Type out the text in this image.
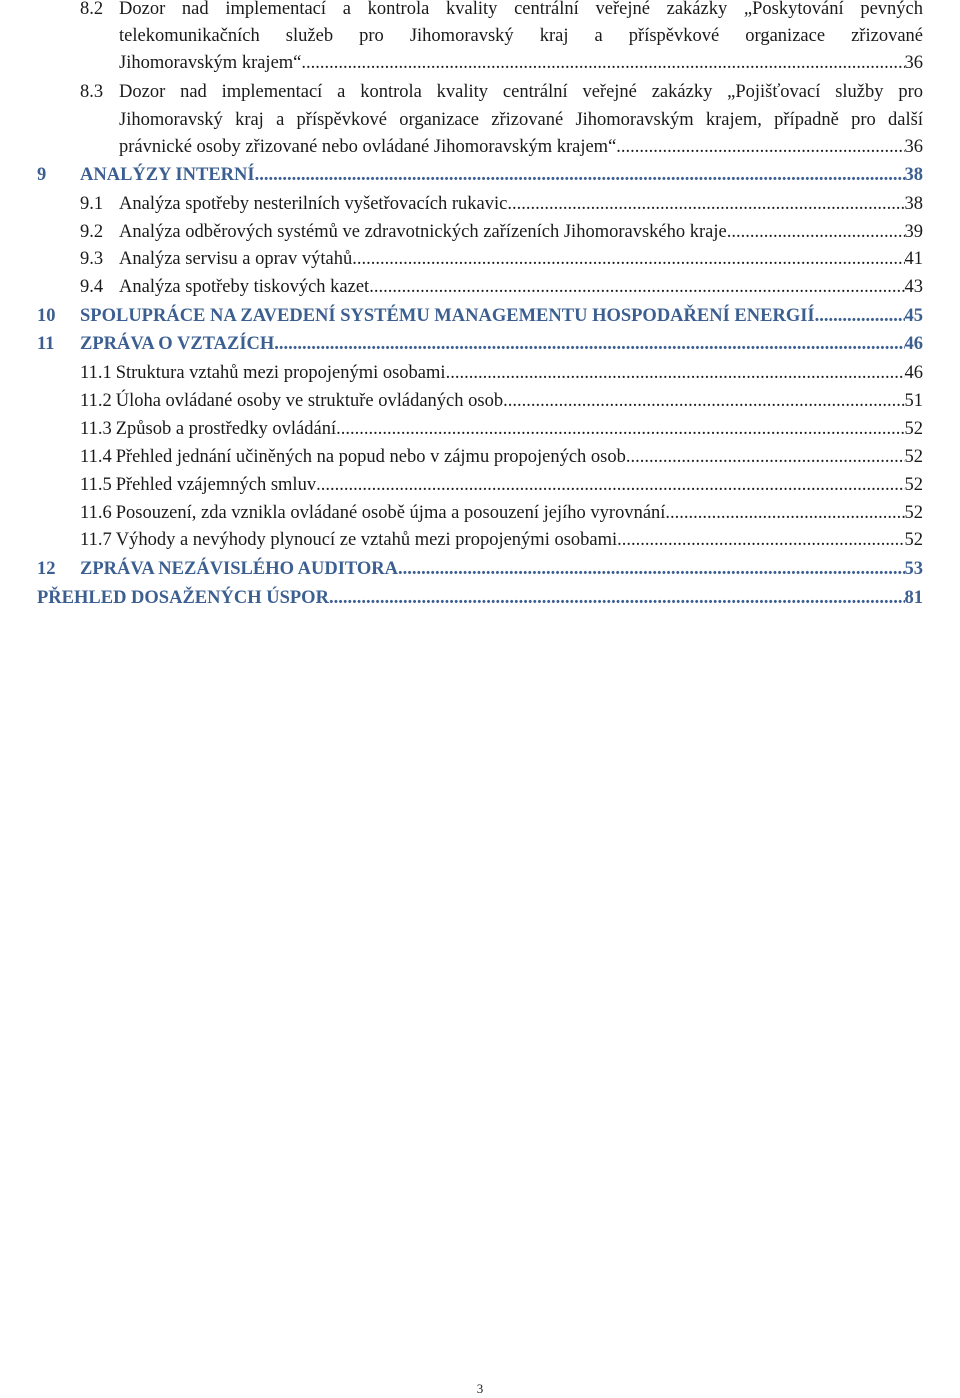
8.2 Dozor nad implementací a kontrola kvality centrální veřejné zakázky „Poskytování pevných
telekomunikačních služeb pro Jihomoravský kraj a příspěvkové organizace zřizované
Jihomoravským krajem“ .....	36
8.3 Dozor nad implementací a kontrola kvality centrální veřejné zakázky „Pojišťovací služby pro
Jihomoravský kraj a příspěvkové organizace zřizované Jihomoravským krajem, případně pro další
právnické osoby zřizované nebo ovládané Jihomoravským krajem“ .....	36
9 ANALÝZY INTERNÍ .....	38
9.1 Analýza spotřeby nesterilních vyšetřovacích rukavic .....	38
9.2 Analýza odběrových systémů ve zdravotnických zařízeních Jihomoravského kraje .....	39
9.3 Analýza servisu a oprav výtahů .....	41
9.4 Analýza spotřeby tiskových kazet .....	43
10 SPOLUPRÁCE NA ZAVEDENÍ SYSTÉMU MANAGEMENTU HOSPODAŘENÍ ENERGIÍ .....	45
11 ZPRÁVA O VZTAZÍCH .....	46
11.1 Struktura vztahů mezi propojenými osobami .....	46
11.2 Úloha ovládané osoby ve struktuře ovládaných osob .....	51
11.3 Způsob a prostředky ovládání .....	52
11.4 Přehled jednání učiněných na popud nebo v zájmu propojených osob .....	52
11.5 Přehled vzájemných smluv .....	52
11.6 Posouzení, zda vznikla ovládané osobě újma a posouzení jejího vyrovnání .....	52
11.7 Výhody a nevýhody plynoucí ze vztahů mezi propojenými osobami .....	52
12 ZPRÁVA NEZÁVISLÉHO AUDITORA .....	53
PŘEHLED DOSAŽENÝCH ÚSPOR .....	81
3
